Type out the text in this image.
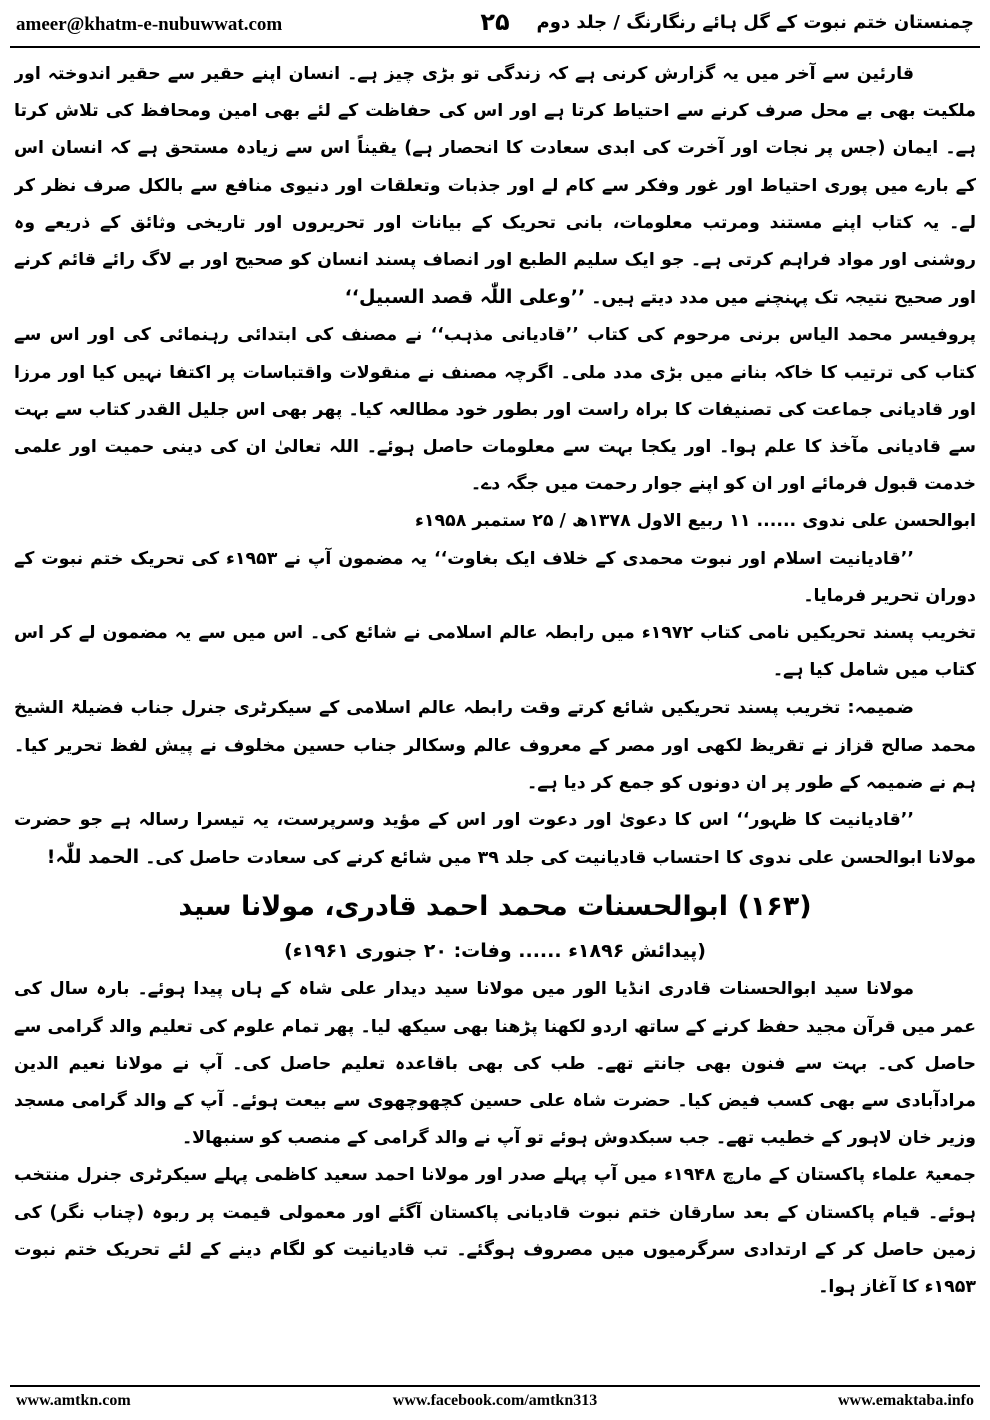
ameer@khatm-e-nubuwwat.com	۲۵	چمنستان ختم نبوت کے گل ہائے رنگارنگ / جلد دوم

قارئین سے آخر میں یہ گزارش کرنی ہے کہ زندگی تو بڑی چیز ہے۔ انسان اپنے حقیر سے حقیر اندوختہ اور ملکیت بھی بے محل صرف کرنے سے احتیاط کرتا ہے اور اس کی حفاظت کے لئے بھی امین ومحافظ کی تلاش کرتا ہے۔ ایمان (جس پر نجات اور آخرت کی ابدی سعادت کا انحصار ہے) یقیناً اس سے زیادہ مستحق ہے کہ انسان اس کے بارے میں پوری احتیاط اور غور وفکر سے کام لے اور جذبات وتعلقات اور دنیوی منافع سے بالکل صرف نظر کر لے۔ یہ کتاب اپنے مستند ومرتب معلومات، بانی تحریک کے بیانات اور تحریروں اور تاریخی وثائق کے ذریعے وہ روشنی اور مواد فراہم کرتی ہے۔ جو ایک سلیم الطبع اور انصاف پسند انسان کو صحیح اور بے لاگ رائے قائم کرنے اور صحیح نتیجہ تک پہنچنے میں مدد دیتے ہیں۔ ’’وعلی اللّٰہ قصد السبیل‘‘

پروفیسر محمد الیاس برنی مرحوم کی کتاب ’’قادیانی مذہب‘‘ نے مصنف کی ابتدائی رہنمائی کی اور اس سے کتاب کی ترتیب کا خاکہ بنانے میں بڑی مدد ملی۔ اگرچہ مصنف نے منقولات واقتباسات پر اکتفا نہیں کیا اور مرزا اور قادیانی جماعت کی تصنیفات کا براہ راست اور بطور خود مطالعہ کیا۔ پھر بھی اس جلیل القدر کتاب سے بہت سے قادیانی مآخذ کا علم ہوا۔ اور یکجا بہت سے معلومات حاصل ہوئے۔ اللہ تعالیٰ ان کی دینی حمیت اور علمی خدمت قبول فرمائے اور ان کو اپنے جوار رحمت میں جگہ دے۔

ابوالحسن علی ندوی ...... ۱۱ ربیع الاول ۱۳۷۸ھ / ۲۵ ستمبر ۱۹۵۸ء

’’قادیانیت اسلام اور نبوت محمدی کے خلاف ایک بغاوت‘‘ یہ مضمون آپ نے ۱۹۵۳ء کی تحریک ختم نبوت کے دوران تحریر فرمایا۔

تخریب پسند تحریکیں نامی کتاب ۱۹۷۲ء میں رابطہ عالم اسلامی نے شائع کی۔ اس میں سے یہ مضمون لے کر اس کتاب میں شامل کیا ہے۔

ضمیمہ: تخریب پسند تحریکیں شائع کرتے وقت رابطہ عالم اسلامی کے سیکرٹری جنرل جناب فضیلۃ الشیخ محمد صالح قزاز نے تقریظ لکھی اور مصر کے معروف عالم وسکالر جناب حسین مخلوف نے پیش لفظ تحریر کیا۔ ہم نے ضمیمہ کے طور پر ان دونوں کو جمع کر دیا ہے۔

’’قادیانیت کا ظہور‘‘ اس کا دعویٰ اور دعوت اور اس کے مؤید وسرپرست، یہ تیسرا رسالہ ہے جو حضرت مولانا ابوالحسن علی ندوی کا احتساب قادیانیت کی جلد ۳۹ میں شائع کرنے کی سعادت حاصل کی۔ الحمد للّٰہ!

(۱۶۳) ابوالحسنات محمد احمد قادری، مولانا سید
(پیدائش ۱۸۹۶ء ...... وفات: ۲۰ جنوری ۱۹۶۱ء)

مولانا سید ابوالحسنات قادری انڈیا الور میں مولانا سید دیدار علی شاہ کے ہاں پیدا ہوئے۔ بارہ سال کی عمر میں قرآن مجید حفظ کرنے کے ساتھ اردو لکھنا پڑھنا بھی سیکھ لیا۔ پھر تمام علوم کی تعلیم والد گرامی سے حاصل کی۔ بہت سے فنون بھی جانتے تھے۔ طب کی بھی باقاعدہ تعلیم حاصل کی۔ آپ نے مولانا نعیم الدین مرادآبادی سے بھی کسب فیض کیا۔ حضرت شاہ علی حسین کچھوچھوی سے بیعت ہوئے۔ آپ کے والد گرامی مسجد وزیر خان لاہور کے خطیب تھے۔ جب سبکدوش ہوئے تو آپ نے والد گرامی کے منصب کو سنبھالا۔

جمعیۃ علماء پاکستان کے مارچ ۱۹۴۸ء میں آپ پہلے صدر اور مولانا احمد سعید کاظمی پہلے سیکرٹری جنرل منتخب ہوئے۔ قیام پاکستان کے بعد سارقان ختم نبوت قادیانی پاکستان آگئے اور معمولی قیمت پر ربوہ (چناب نگر) کی زمین حاصل کر کے ارتدادی سرگرمیوں میں مصروف ہوگئے۔ تب قادیانیت کو لگام دینے کے لئے تحریک ختم نبوت ۱۹۵۳ء کا آغاز ہوا۔

www.amtkn.com	www.facebook.com/amtkn313	www.emaktaba.info
